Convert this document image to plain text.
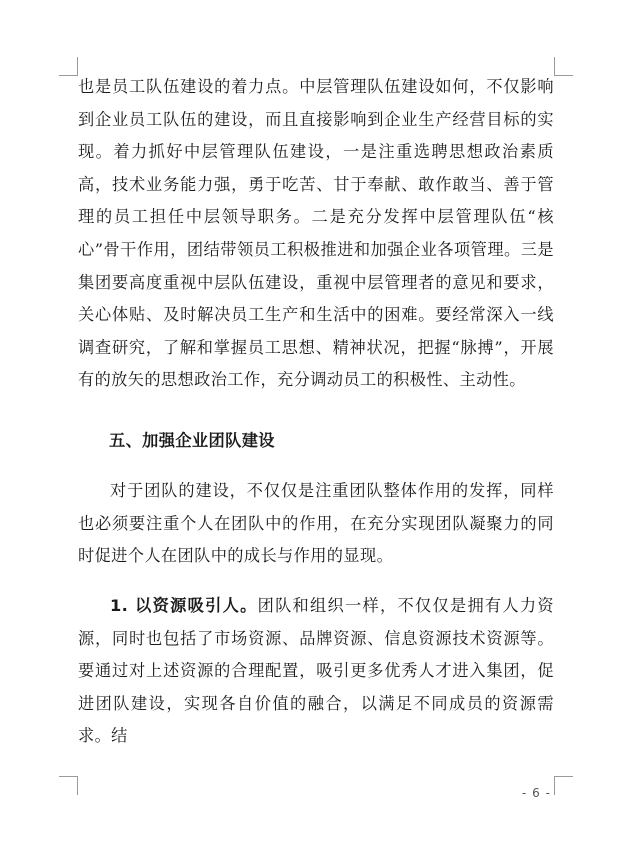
也是员工队伍建设的着力点。中层管理队伍建设如何，不仅影响到企业员工队伍的建设，而且直接影响到企业生产经营目标的实现。着力抓好中层管理队伍建设，一是注重选聘思想政治素质高，技术业务能力强，勇于吃苦、甘于奉献、敢作敢当、善于管理的员工担任中层领导职务。二是充分发挥中层管理队伍“核心”骨干作用，团结带领员工积极推进和加强企业各项管理。三是集团要高度重视中层队伍建设，重视中层管理者的意见和要求，关心体贴、及时解决员工生产和生活中的困难。要经常深入一线调查研究，了解和掌握员工思想、精神状况，把握“脉搏”，开展有的放矢的思想政治工作，充分调动员工的积极性、主动性。

五、加强企业团队建设

对于团队的建设，不仅仅是注重团队整体作用的发挥，同样也必须要注重个人在团队中的作用，在充分实现团队凝聚力的同时促进个人在团队中的成长与作用的显现。

1. 以资源吸引人。团队和组织一样，不仅仅是拥有人力资源，同时也包括了市场资源、品牌资源、信息资源技术资源等。要通过对上述资源的合理配置，吸引更多优秀人才进入集团，促进团队建设，实现各自价值的融合，以满足不同成员的资源需求。结

- 6 -
